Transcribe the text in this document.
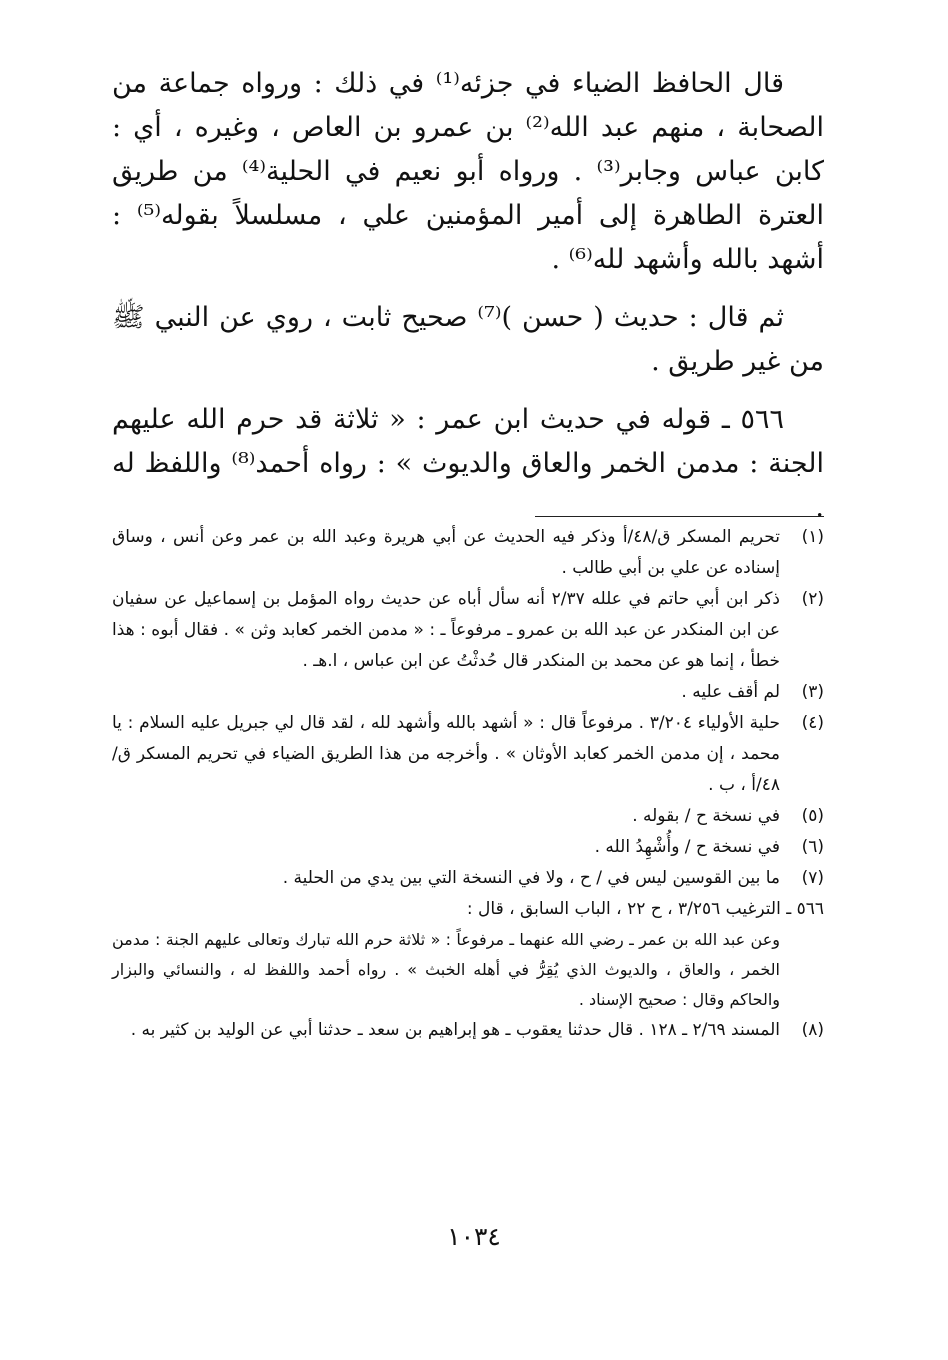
قال الحافظ الضياء في جزئه⁽¹⁾ في ذلك : ورواه جماعة من الصحابة ، منهم عبد الله⁽²⁾ بن عمرو بن العاص ، وغيره ، أي : كابن عباس وجابر⁽³⁾ . ورواه أبو نعيم في الحلية⁽⁴⁾ من طريق العترة الطاهرة إلى أمير المؤمنين علي ، مسلسلاً بقوله⁽⁵⁾ : أشهد بالله وأشهد لله⁽⁶⁾ .

ثم قال : حديث ( حسن )⁽⁷⁾ صحيح ثابت ، روي عن النبي ﷺ من غير طريق .

٥٦٦ ـ قوله في حديث ابن عمر : « ثلاثة قد حرم الله عليهم الجنة : مدمن الخمر والعاق والديوث » : رواه أحمد⁽⁸⁾ واللفظ له .

(١)
تحريم المسكر ق/٤٨/أ وذكر فيه الحديث عن أبي هريرة وعبد الله بن عمر وعن أنس ، وساق إسناده عن علي بن أبي طالب .
(٢)
ذكر ابن أبي حاتم في علله ٢/٣٧ أنه سأل أباه عن حديث رواه المؤمل بن إسماعيل عن سفيان عن ابن المنكدر عن عبد الله بن عمرو ـ مرفوعاً ـ : « مدمن الخمر كعابد وثن » . فقال أبوه : هذا خطأ ، إنما هو عن محمد بن المنكدر قال حُدثْتُ عن ابن عباس ، ا.هـ .
(٣)
لم أقف عليه .
(٤)
حلية الأولياء ٣/٢٠٤ . مرفوعاً قال : « أشهد بالله وأشهد لله ، لقد قال لي جبريل عليه السلام : يا محمد ، إن مدمن الخمر كعابد الأوثان » . وأخرجه من هذا الطريق الضياء في تحريم المسكر ق/٤٨/أ ، ب .
(٥)
في نسخة ح / بقوله .
(٦)
في نسخة ح / وأُشْهِدُ الله .
(٧)
ما بين القوسين ليس في / ح ، ولا في النسخة التي بين يدي من الحلية .

٥٦٦ ـ الترغيب ٣/٢٥٦ ، ح ٢٢ ، الباب السابق ، قال :

وعن عبد الله بن عمر ـ رضي الله عنهما ـ مرفوعاً : « ثلاثة حرم الله تبارك وتعالى عليهم الجنة : مدمن الخمر ، والعاق ، والديوث الذي يُقِرُّ في أهله الخبث » . رواه أحمد واللفظ له ، والنسائي والبزار والحاكم وقال : صحيح الإسناد .

(٨)
المسند ٢/٦٩ ـ ١٢٨ . قال حدثنا يعقوب ـ هو إبراهيم بن سعد ـ حدثنا أبي عن الوليد بن كثير به .
١٠٣٤
